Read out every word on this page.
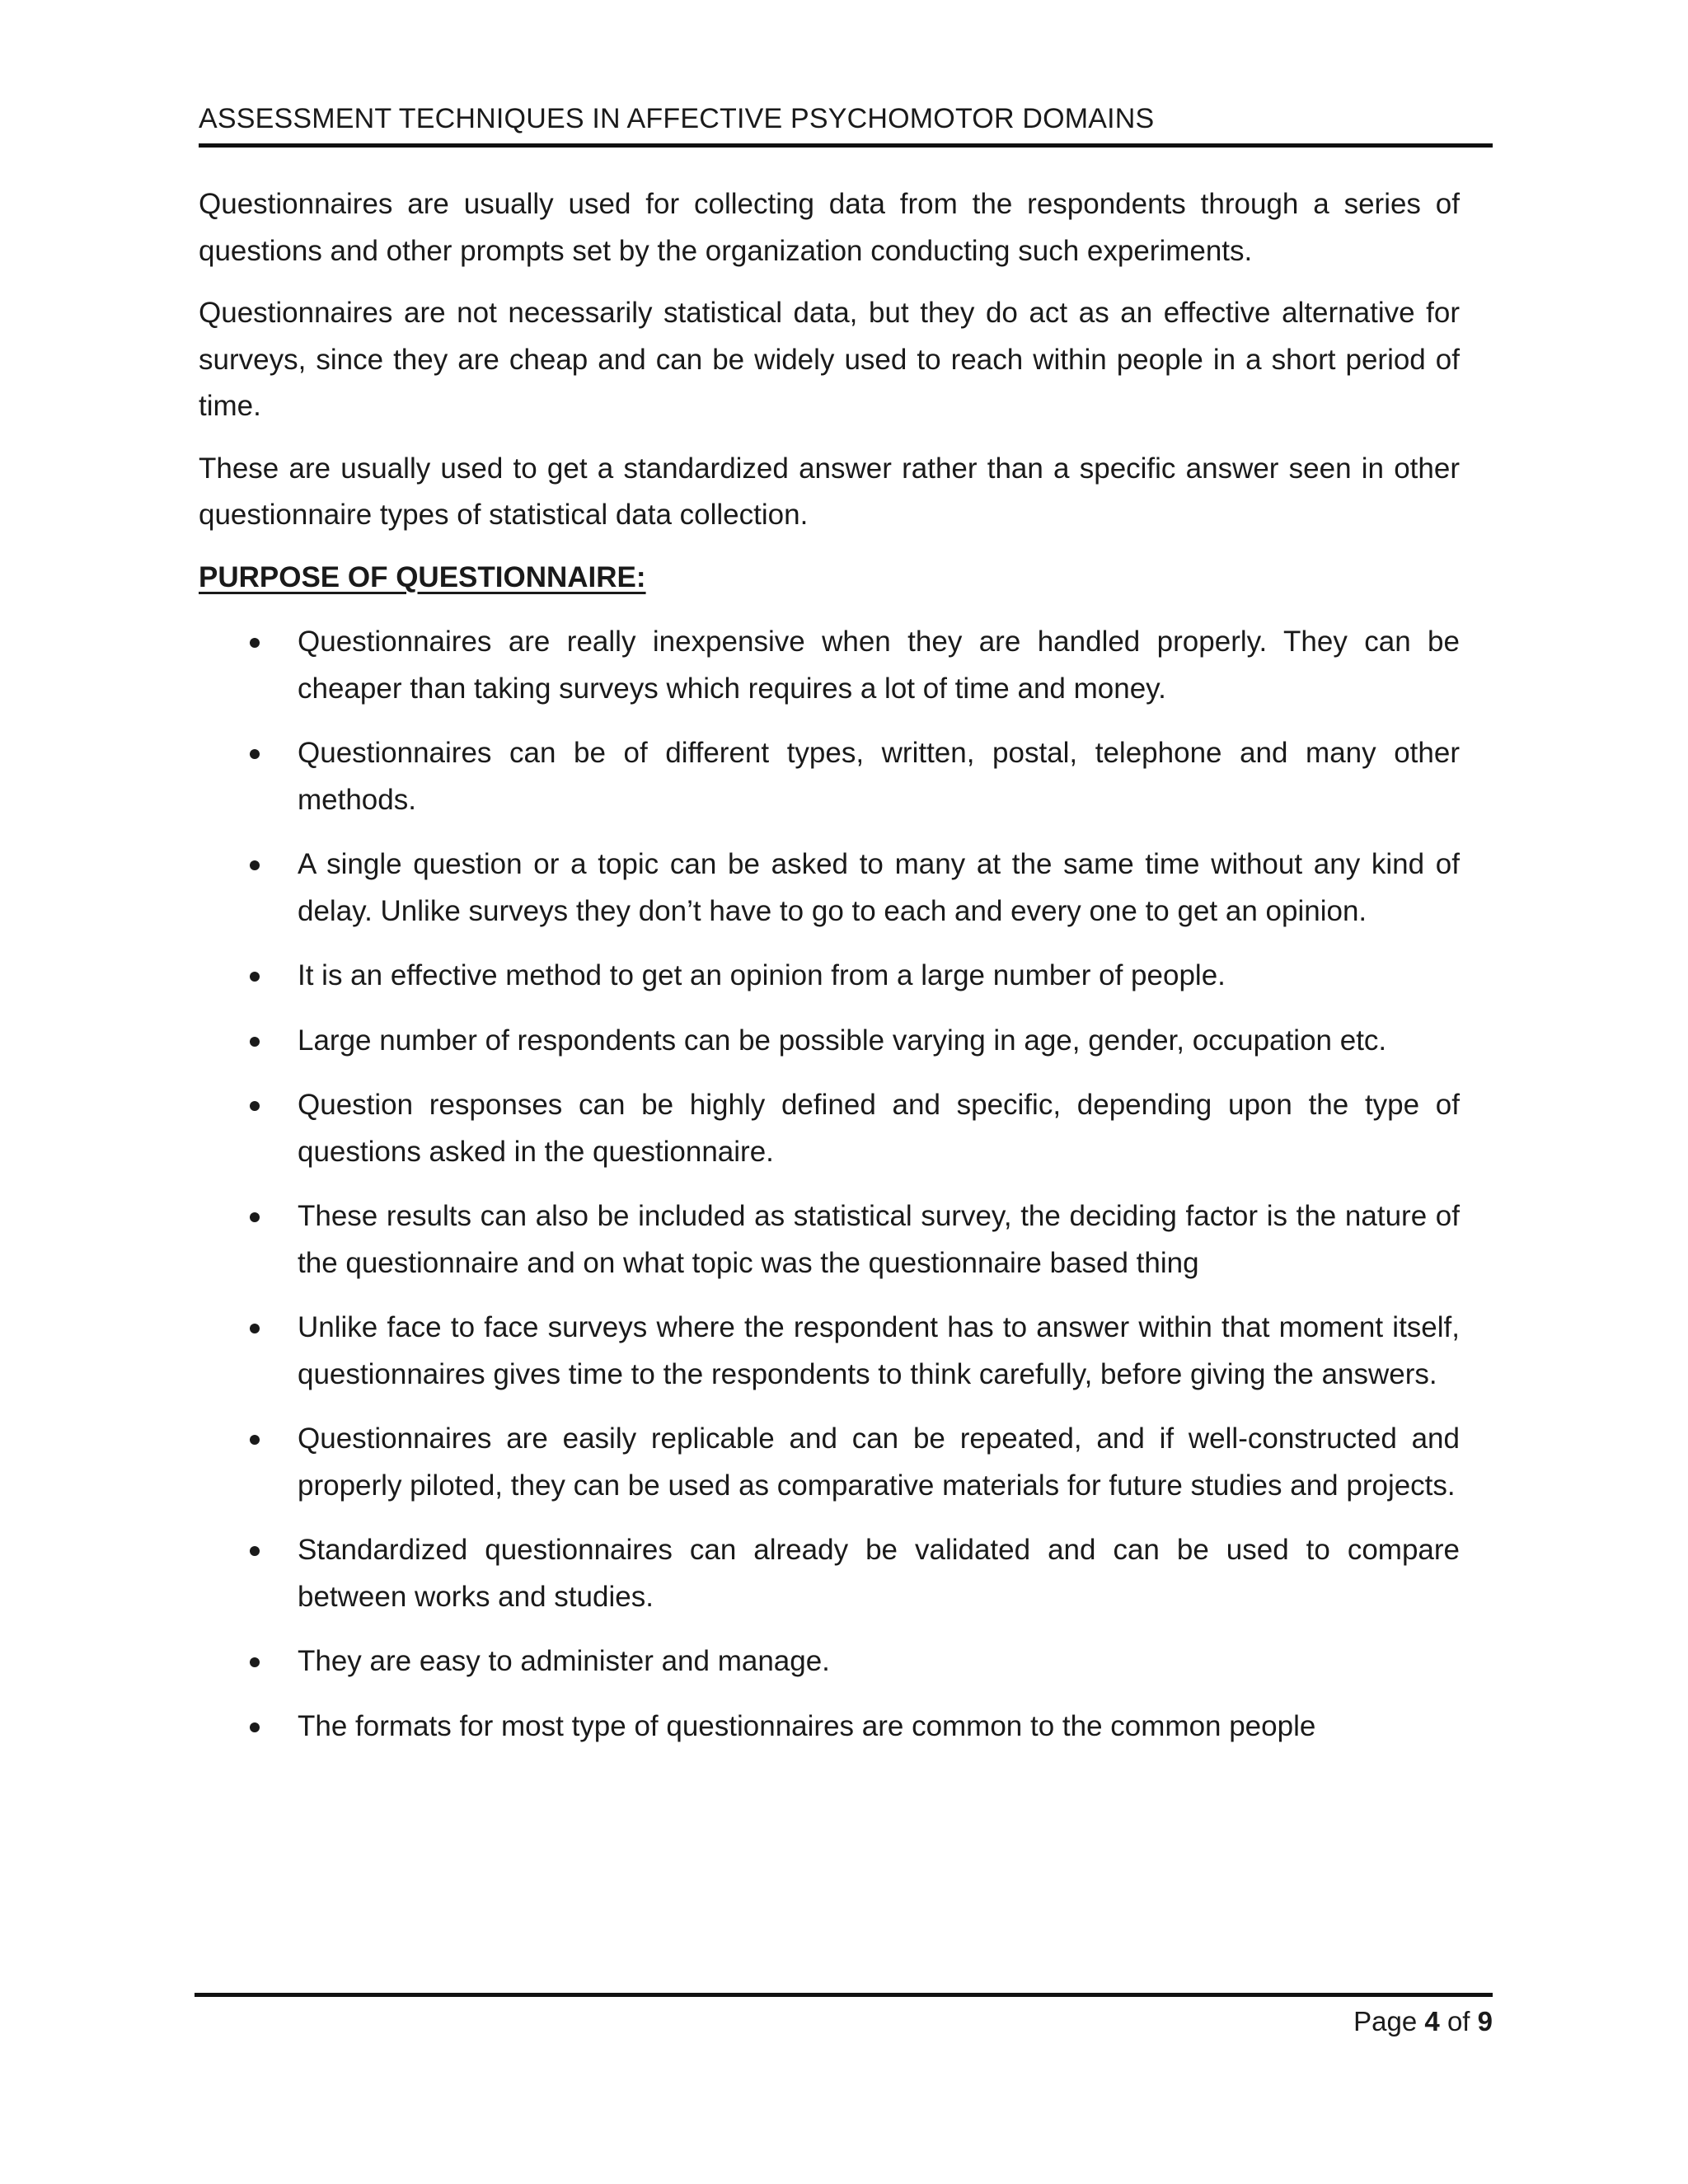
ASSESSMENT TECHNIQUES IN AFFECTIVE PSYCHOMOTOR DOMAINS

Questionnaires are usually used for collecting data from the respondents through a series of questions and other prompts set by the organization conducting such experiments.

Questionnaires are not necessarily statistical data, but they do act as an effective alternative for surveys, since they are cheap and can be widely used to reach within people in a short period of time.

These are usually used to get a standardized answer rather than a specific answer seen in other questionnaire types of statistical data collection.

PURPOSE OF QUESTIONNAIRE:
Questionnaires are really inexpensive when they are handled properly. They can be cheaper than taking surveys which requires a lot of time and money.
Questionnaires can be of different types, written, postal, telephone and many other methods.
A single question or a topic can be asked to many at the same time without any kind of delay. Unlike surveys they don’t have to go to each and every one to get an opinion.
It is an effective method to get an opinion from a large number of people.
Large number of respondents can be possible varying in age, gender, occupation etc.
Question responses can be highly defined and specific, depending upon the type of questions asked in the questionnaire.
These results can also be included as statistical survey, the deciding factor is the nature of the questionnaire and on what topic was the questionnaire based thing
Unlike face to face surveys where the respondent has to answer within that moment itself, questionnaires gives time to the respondents to think carefully, before giving the answers.
Questionnaires are easily replicable and can be repeated, and if well-constructed and properly piloted, they can be used as comparative materials for future studies and projects.
Standardized questionnaires can already be validated and can be used to compare between works and studies.
They are easy to administer and manage.
The formats for most type of questionnaires are common to the common people
Page 4 of 9
